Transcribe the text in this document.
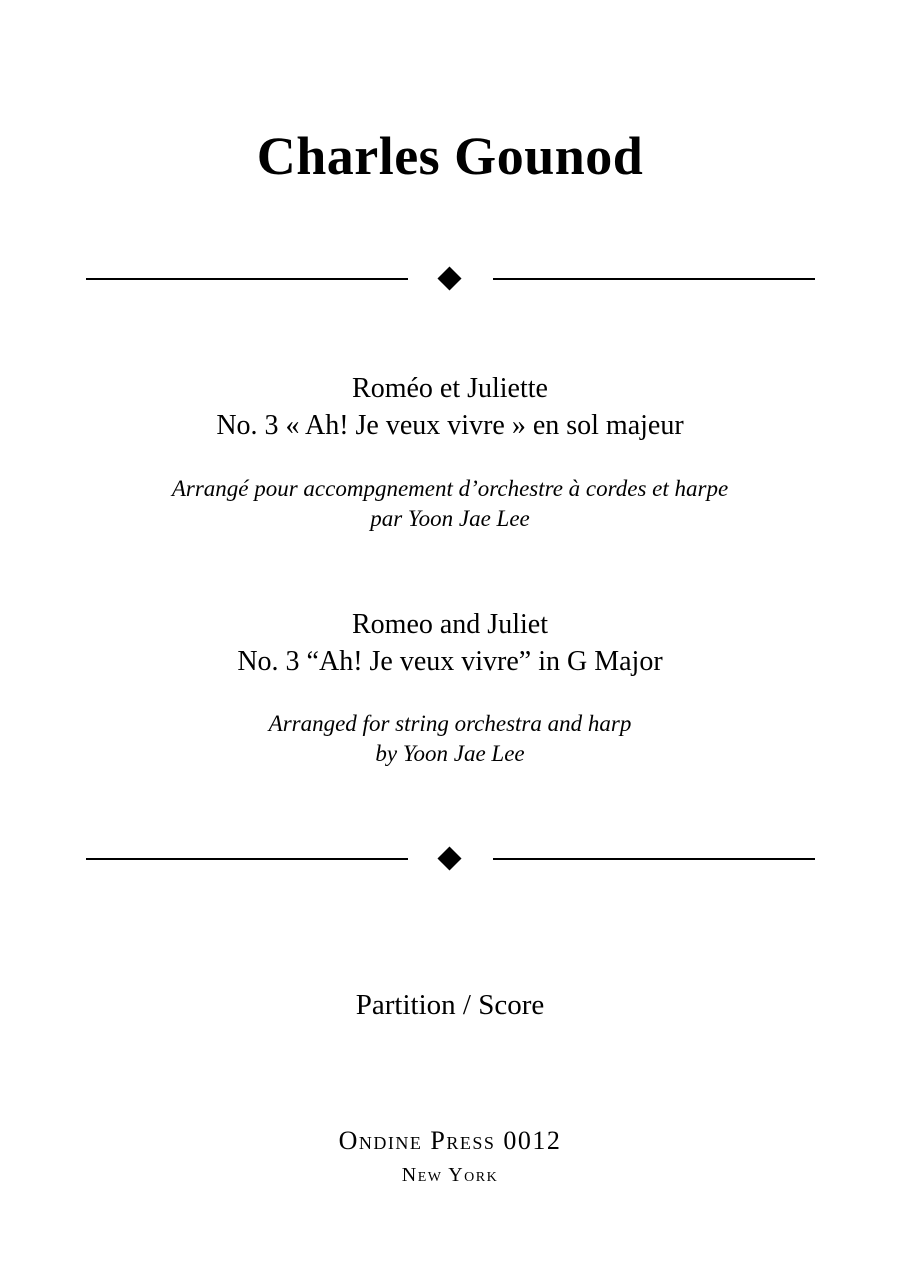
Charles Gounod
Roméo et Juliette
No. 3 « Ah! Je veux vivre » en sol majeur
Arrangé pour accompgnement d’orchestre à cordes et harpe
par Yoon Jae Lee
Romeo and Juliet
No. 3 “Ah! Je veux vivre” in G Major
Arranged for string orchestra and harp
by Yoon Jae Lee
Partition / Score
Ondine Press 0012
New York
